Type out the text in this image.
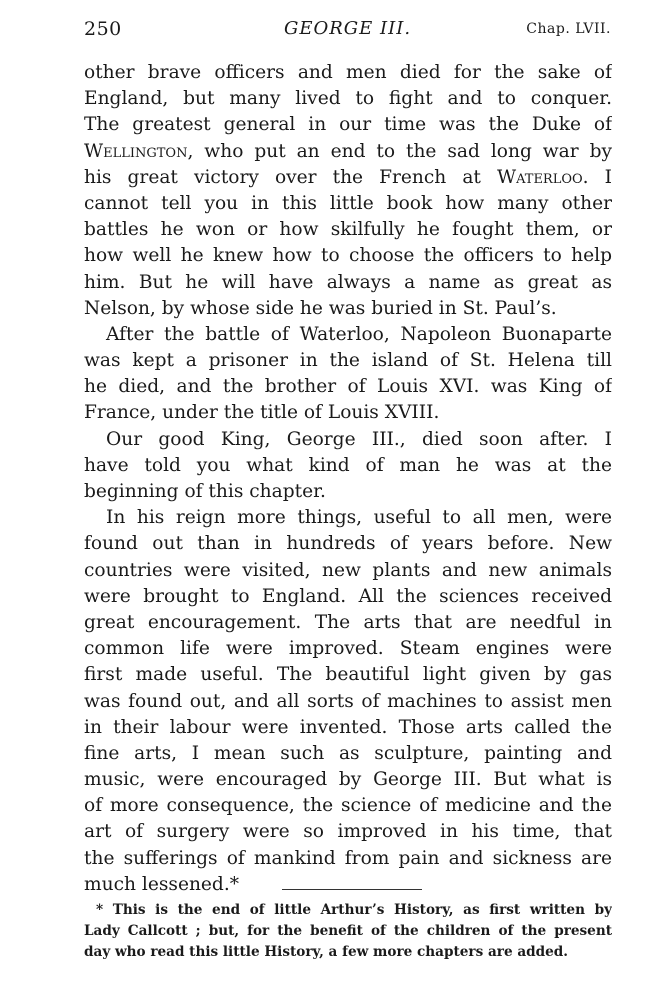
250	GEORGE III.	Chap. LVII.
other brave officers and men died for the sake of
England, but many lived to fight and to conquer.
The greatest general in our time was the Duke of
Wellington, who put an end to the sad long war by
his great victory over the French at Waterloo. I
cannot tell you in this little book how many other
battles he won or how skilfully he fought them, or
how well he knew how to choose the officers to help
him. But he will have always a name as great as
Nelson, by whose side he was buried in St. Paul’s.
After the battle of Waterloo, Napoleon Buonaparte
was kept a prisoner in the island of St. Helena till
he died, and the brother of Louis XVI. was King of
France, under the title of Louis XVIII.
Our good King, George III., died soon after. I
have told you what kind of man he was at the
beginning of this chapter.
In his reign more things, useful to all men, were
found out than in hundreds of years before. New
countries were visited, new plants and new animals
were brought to England. All the sciences received
great encouragement. The arts that are needful in
common life were improved. Steam engines were
first made useful. The beautiful light given by gas
was found out, and all sorts of machines to assist men
in their labour were invented. Those arts called the
fine arts, I mean such as sculpture, painting and
music, were encouraged by George III. But what is
of more consequence, the science of medicine and the
art of surgery were so improved in his time, that
the sufferings of mankind from pain and sickness are
much lessened.*
* This is the end of little Arthur’s History, as first written by
Lady Callcott ; but, for the benefit of the children of the present
day who read this little History, a few more chapters are added.
